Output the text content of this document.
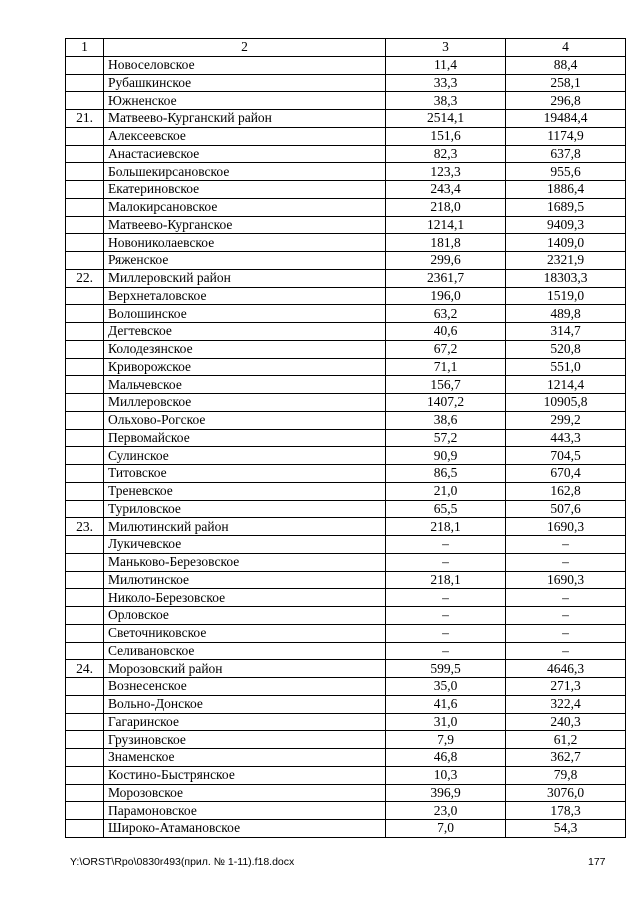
1	2	3	4
	Новоселовское	11,4	88,4
	Рубашкинское	33,3	258,1
	Южненское	38,3	296,8
21.	Матвеево-Курганский район	2514,1	19484,4
	Алексеевское	151,6	1174,9
	Анастасиевское	82,3	637,8
	Большекирсановское	123,3	955,6
	Екатериновское	243,4	1886,4
	Малокирсановское	218,0	1689,5
	Матвеево-Курганское	1214,1	9409,3
	Новониколаевское	181,8	1409,0
	Ряженское	299,6	2321,9
22.	Миллеровский район	2361,7	18303,3
	Верхнеталовское	196,0	1519,0
	Волошинское	63,2	489,8
	Дегтевское	40,6	314,7
	Колодезянское	67,2	520,8
	Криворожское	71,1	551,0
	Мальчевское	156,7	1214,4
	Миллеровское	1407,2	10905,8
	Ольхово-Рогское	38,6	299,2
	Первомайское	57,2	443,3
	Сулинское	90,9	704,5
	Титовское	86,5	670,4
	Треневское	21,0	162,8
	Туриловское	65,5	507,6
23.	Милютинский район	218,1	1690,3
	Лукичевское	–	–
	Маньково-Березовское	–	–
	Милютинское	218,1	1690,3
	Николо-Березовское	–	–
	Орловское	–	–
	Светочниковское	–	–
	Селивановское	–	–
24.	Морозовский район	599,5	4646,3
	Вознесенское	35,0	271,3
	Вольно-Донское	41,6	322,4
	Гагаринское	31,0	240,3
	Грузиновское	7,9	61,2
	Знаменское	46,8	362,7
	Костино-Быстрянское	10,3	79,8
	Морозовское	396,9	3076,0
	Парамоновское	23,0	178,3
	Широко-Атамановское	7,0	54,3
Y:\ORST\Rpo\0830r493(прил. № 1-11).f18.docx	177
